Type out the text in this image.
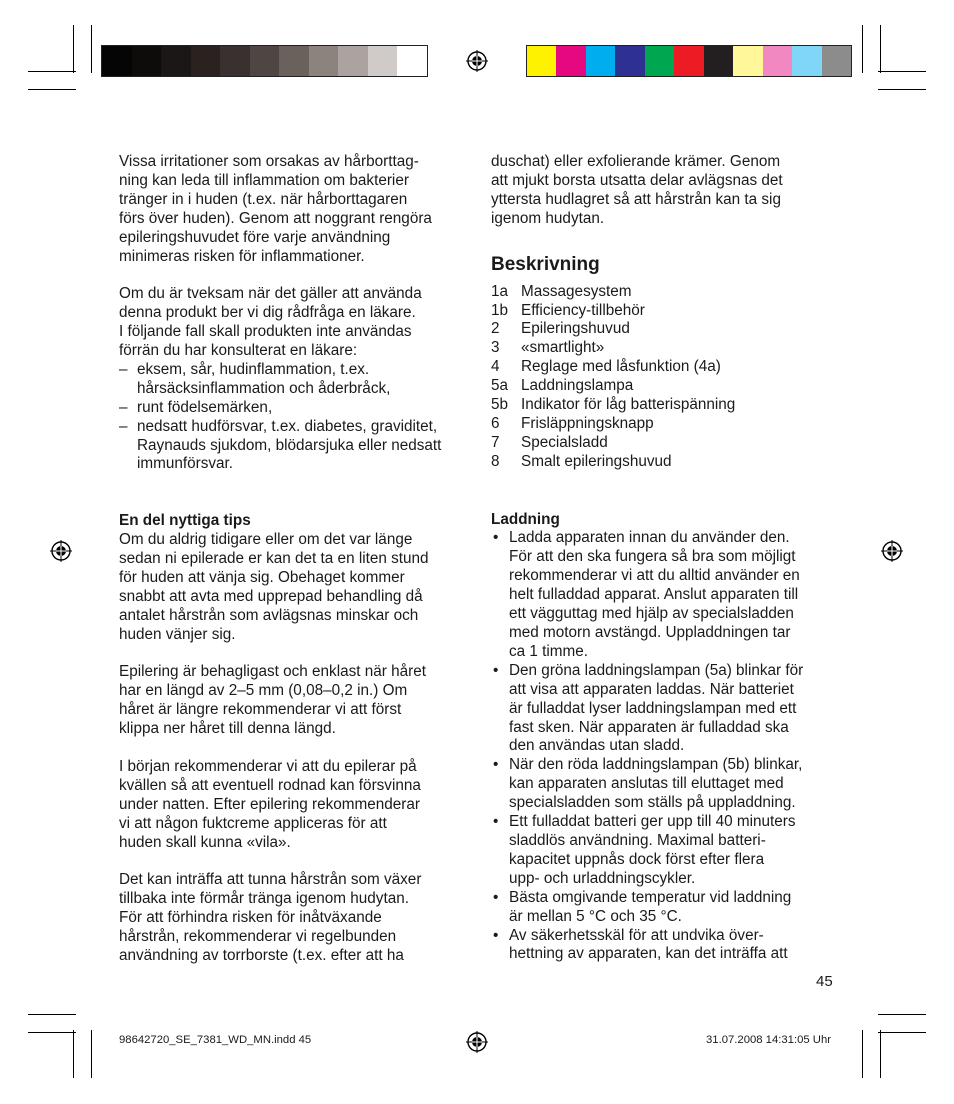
Vissa irritationer som orsakas av hårborttag-
ning kan leda till inflammation om bakterier
tränger in i huden (t.ex. när hårborttagaren
förs över huden). Genom att noggrant rengöra
epileringshuvudet före varje användning
minimeras risken för inflammationer.
Om du är tveksam när det gäller att använda
denna produkt ber vi dig rådfråga en läkare.
I följande fall skall produkten inte användas
förrän du har konsulterat en läkare:
– eksem, sår, hudinflammation, t.ex.
hårsäcksinflammation och åderbråck,
– runt födelsemärken,
– nedsatt hudförsvar, t.ex. diabetes, graviditet,
Raynauds sjukdom, blödarsjuka eller nedsatt
immunförsvar.
En del nyttiga tips
Om du aldrig tidigare eller om det var länge
sedan ni epilerade er kan det ta en liten stund
för huden att vänja sig. Obehaget kommer
snabbt att avta med upprepad behandling då
antalet hårstrån som avlägsnas minskar och
huden vänjer sig.
Epilering är behagligast och enklast när håret
har en längd av 2–5 mm (0,08–0,2 in.) Om
håret är längre rekommenderar vi att först
klippa ner håret till denna längd.
I början rekommenderar vi att du epilerar på
kvällen så att eventuell rodnad kan försvinna
under natten. Efter epilering rekommenderar
vi att någon fuktcreme appliceras för att
huden skall kunna «vila».
Det kan inträffa att tunna hårstrån som växer
tillbaka inte förmår tränga igenom hudytan.
För att förhindra risken för inåtväxande
hårstrån, rekommenderar vi regelbunden
användning av torrborste (t.ex. efter att ha
duschat) eller exfolierande krämer. Genom
att mjukt borsta utsatta delar avlägsnas det
yttersta hudlagret så att hårstrån kan ta sig
igenom hudytan.
Beskrivning
1a Massagesystem
1b Efficiency-tillbehör
2	Epileringshuvud
3	«smartlight»
4	Reglage med låsfunktion (4a)
5a Laddningslampa
5b Indikator för låg batterispänning
6	Frisläppningsknapp
7	Specialsladd
8	Smalt epileringshuvud
Laddning
• Ladda apparaten innan du använder den.
För att den ska fungera så bra som möjligt
rekommenderar vi att du alltid använder en
helt fulladdad apparat. Anslut apparaten till
ett vägguttag med hjälp av specialsladden
med motorn avstängd. Uppladdningen tar
ca 1 timme.
• Den gröna laddningslampan (5a) blinkar för
att visa att apparaten laddas. När batteriet
är fulladdat lyser laddningslampan med ett
fast sken. När apparaten är fulladdad ska
den användas utan sladd.
• När den röda laddningslampan (5b) blinkar,
kan apparaten anslutas till eluttaget med
specialsladden som ställs på uppladdning.
• Ett fulladdat batteri ger upp till 40 minuters
sladdlös användning. Maximal batteri-
kapacitet uppnås dock först efter flera
upp- och urladdningscykler.
• Bästa omgivande temperatur vid laddning
är mellan 5 °C och 35 °C.
• Av säkerhetsskäl för att undvika över-
hettning av apparaten, kan det inträffa att
45
98642720_SE_7381_WD_MN.indd 45	31.07.2008 14:31:05 Uhr
